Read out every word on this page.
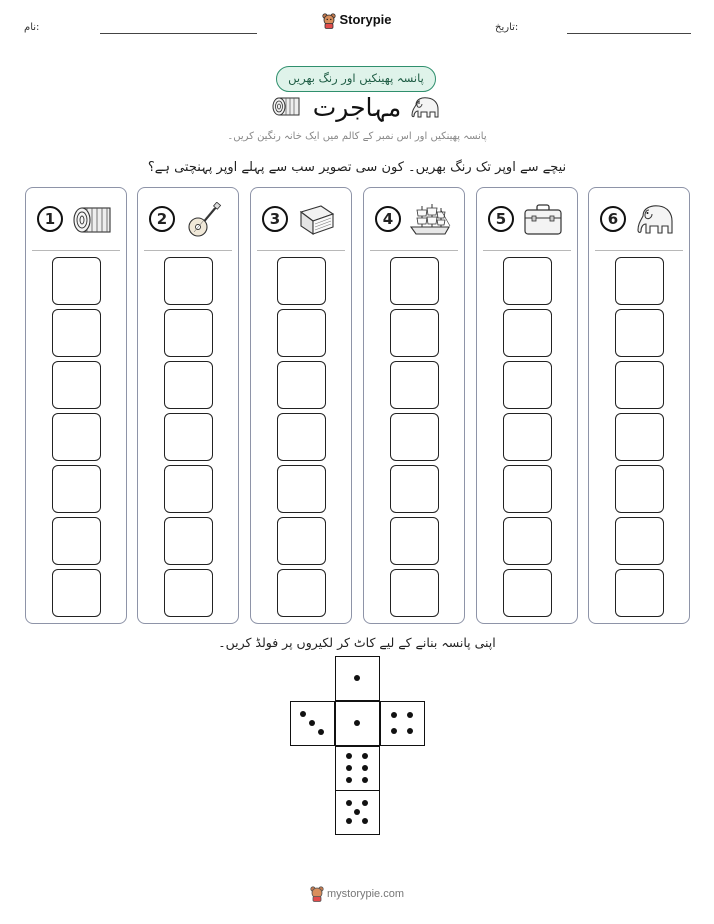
نام:
Storypie
تاریخ:
پانسہ پھینکیں اور رنگ بھریں
مہاجرت
پانسہ پھینکیں اور اس نمبر کے کالم میں ایک خانہ رنگین کریں۔
نیچے سے اوپر تک رنگ بھریں۔ کون سی تصویر سب سے پہلے اوپر پہنچتی ہے؟
1	2	3	4	5	6
اپنی پانسہ بنانے کے لیے کاٹ کر لکیروں پر فولڈ کریں۔
mystorypie.com
